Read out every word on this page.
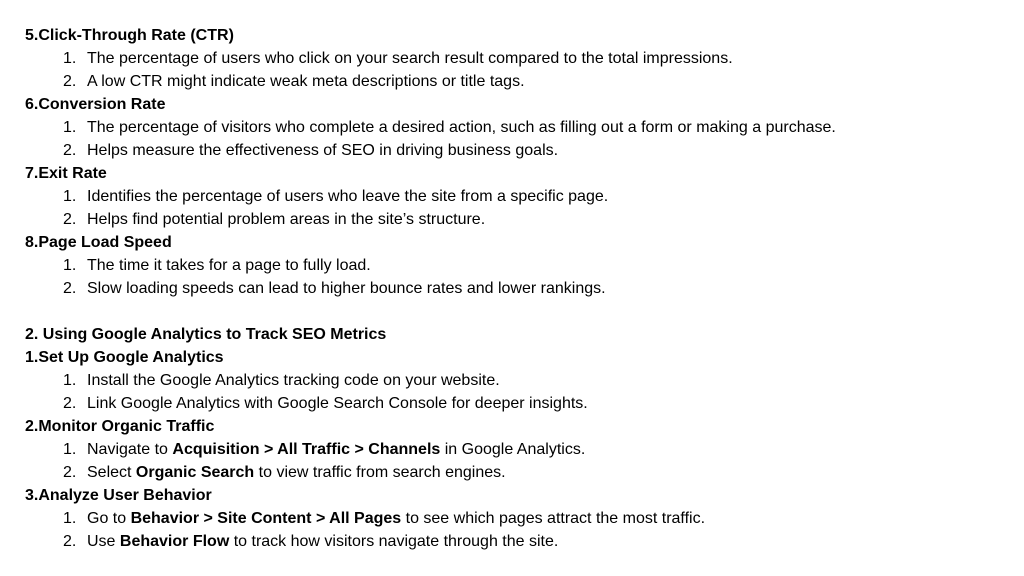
5.Click-Through Rate (CTR)
1. The percentage of users who click on your search result compared to the total impressions.
2. A low CTR might indicate weak meta descriptions or title tags.
6.Conversion Rate
1. The percentage of visitors who complete a desired action, such as filling out a form or making a purchase.
2. Helps measure the effectiveness of SEO in driving business goals.
7.Exit Rate
1. Identifies the percentage of users who leave the site from a specific page.
2. Helps find potential problem areas in the site’s structure.
8.Page Load Speed
1. The time it takes for a page to fully load.
2. Slow loading speeds can lead to higher bounce rates and lower rankings.
2. Using Google Analytics to Track SEO Metrics
1.Set Up Google Analytics
1. Install the Google Analytics tracking code on your website.
2. Link Google Analytics with Google Search Console for deeper insights.
2.Monitor Organic Traffic
1. Navigate to Acquisition > All Traffic > Channels in Google Analytics.
2. Select Organic Search to view traffic from search engines.
3.Analyze User Behavior
1. Go to Behavior > Site Content > All Pages to see which pages attract the most traffic.
2. Use Behavior Flow to track how visitors navigate through the site.
